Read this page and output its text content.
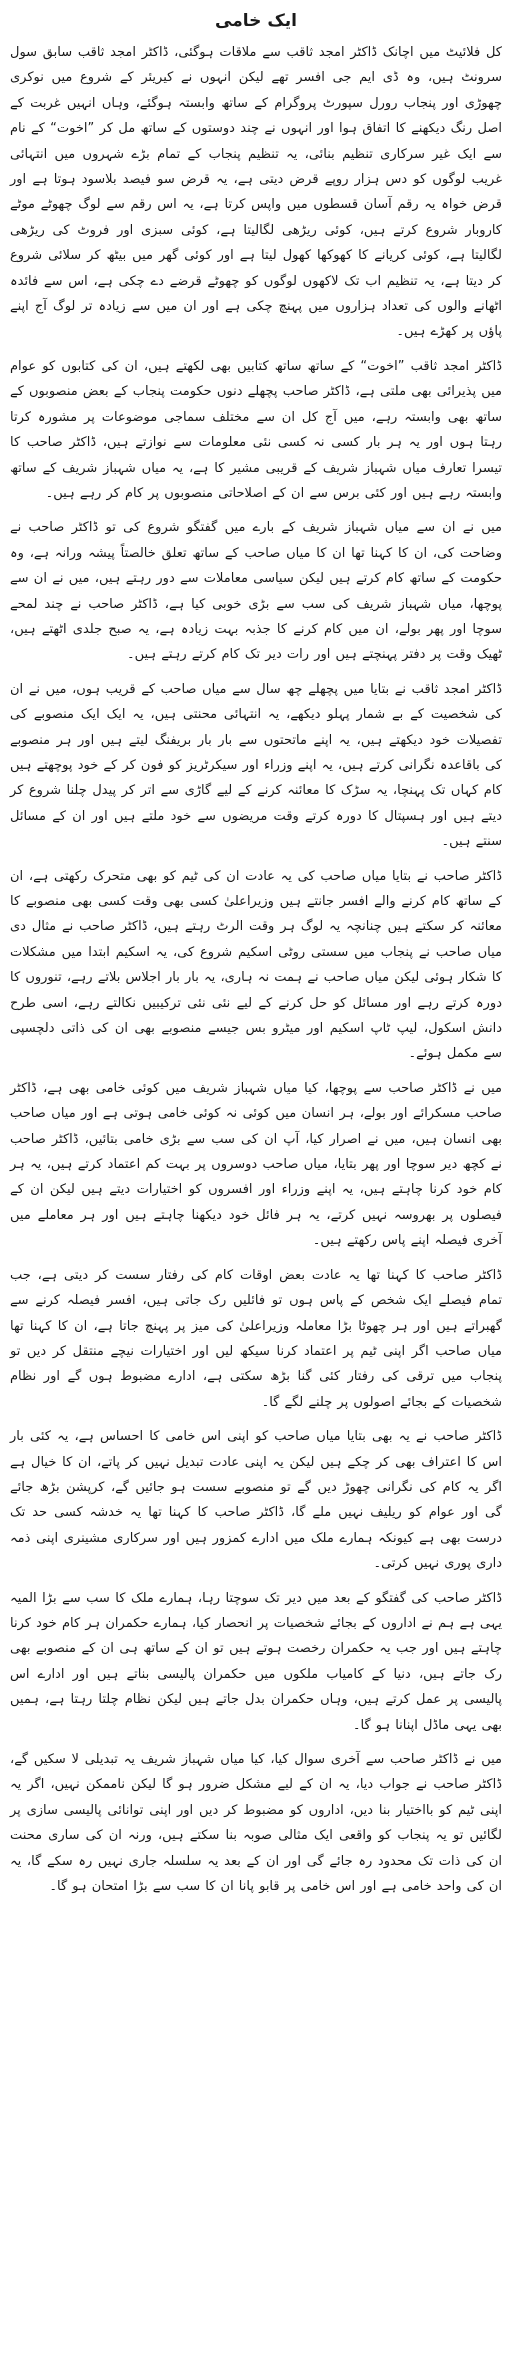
ایک خامی

کل فلائیٹ میں اچانک ڈاکٹر امجد ثاقب سے ملاقات ہوگئی، ڈاکٹر امجد ثاقب سابق سول سرونٹ ہیں، وہ ڈی ایم جی افسر تھے لیکن انہوں نے کیریئر کے شروع میں نوکری چھوڑی اور پنجاب رورل سپورٹ پروگرام کے ساتھ وابستہ ہوگئے، وہاں انہیں غربت کے اصل رنگ دیکھنے کا اتفاق ہوا اور انہوں نے چند دوستوں کے ساتھ مل کر ”اخوت“ کے نام سے ایک غیر سرکاری تنظیم بنائی، یہ تنظیم پنجاب کے تمام بڑے شہروں میں انتہائی غریب لوگوں کو دس ہزار روپے قرض دیتی ہے، یہ قرض سو فیصد بلاسود ہوتا ہے اور قرض خواہ یہ رقم آسان قسطوں میں واپس کرتا ہے، یہ اس رقم سے لوگ چھوٹے موٹے کاروبار شروع کرتے ہیں، کوئی ریڑھی لگالیتا ہے، کوئی سبزی اور فروٹ کی ریڑھی لگالیتا ہے، کوئی کریانے کا کھوکھا کھول لیتا ہے اور کوئی گھر میں بیٹھ کر سلائی شروع کر دیتا ہے، یہ تنظیم اب تک لاکھوں لوگوں کو چھوٹے قرضے دے چکی ہے، اس سے فائدہ اٹھانے والوں کی تعداد ہزاروں میں پہنچ چکی ہے اور ان میں سے زیادہ تر لوگ آج اپنے پاؤں پر کھڑے ہیں۔

ڈاکٹر امجد ثاقب ”اخوت“ کے ساتھ ساتھ کتابیں بھی لکھتے ہیں، ان کی کتابوں کو عوام میں پذیرائی بھی ملتی ہے، ڈاکٹر صاحب پچھلے دنوں حکومت پنجاب کے بعض منصوبوں کے ساتھ بھی وابستہ رہے، میں آج کل ان سے مختلف سماجی موضوعات پر مشورہ کرتا رہتا ہوں اور یہ ہر بار کسی نہ کسی نئی معلومات سے نوازتے ہیں، ڈاکٹر صاحب کا تیسرا تعارف میاں شہباز شریف کے قریبی مشیر کا ہے، یہ میاں شہباز شریف کے ساتھ وابستہ رہے ہیں اور کئی برس سے ان کے اصلاحاتی منصوبوں پر کام کر رہے ہیں۔

میں نے ان سے میاں شہباز شریف کے بارے میں گفتگو شروع کی تو ڈاکٹر صاحب نے وضاحت کی، ان کا کہنا تھا ان کا میاں صاحب کے ساتھ تعلق خالصتاً پیشہ ورانہ ہے، وہ حکومت کے ساتھ کام کرتے ہیں لیکن سیاسی معاملات سے دور رہتے ہیں، میں نے ان سے پوچھا، میاں شہباز شریف کی سب سے بڑی خوبی کیا ہے، ڈاکٹر صاحب نے چند لمحے سوچا اور پھر بولے، ان میں کام کرنے کا جذبہ بہت زیادہ ہے، یہ صبح جلدی اٹھتے ہیں، ٹھیک وقت پر دفتر پہنچتے ہیں اور رات دیر تک کام کرتے رہتے ہیں۔

ڈاکٹر امجد ثاقب نے بتایا میں پچھلے چھ سال سے میاں صاحب کے قریب ہوں، میں نے ان کی شخصیت کے بے شمار پہلو دیکھے، یہ انتہائی محنتی ہیں، یہ ایک ایک منصوبے کی تفصیلات خود دیکھتے ہیں، یہ اپنے ماتحتوں سے بار بار بریفنگ لیتے ہیں اور ہر منصوبے کی باقاعدہ نگرانی کرتے ہیں، یہ اپنے وزراء اور سیکرٹریز کو فون کر کے خود پوچھتے ہیں کام کہاں تک پہنچا، یہ سڑک کا معائنہ کرنے کے لیے گاڑی سے اتر کر پیدل چلنا شروع کر دیتے ہیں اور ہسپتال کا دورہ کرتے وقت مریضوں سے خود ملتے ہیں اور ان کے مسائل سنتے ہیں۔

ڈاکٹر صاحب نے بتایا میاں صاحب کی یہ عادت ان کی ٹیم کو بھی متحرک رکھتی ہے، ان کے ساتھ کام کرنے والے افسر جانتے ہیں وزیراعلیٰ کسی بھی وقت کسی بھی منصوبے کا معائنہ کر سکتے ہیں چنانچہ یہ لوگ ہر وقت الرٹ رہتے ہیں، ڈاکٹر صاحب نے مثال دی میاں صاحب نے پنجاب میں سستی روٹی اسکیم شروع کی، یہ اسکیم ابتدا میں مشکلات کا شکار ہوئی لیکن میاں صاحب نے ہمت نہ ہاری، یہ بار بار اجلاس بلاتے رہے، تنوروں کا دورہ کرتے رہے اور مسائل کو حل کرنے کے لیے نئی نئی ترکیبیں نکالتے رہے، اسی طرح دانش اسکول، لیپ ٹاپ اسکیم اور میٹرو بس جیسے منصوبے بھی ان کی ذاتی دلچسپی سے مکمل ہوئے۔

میں نے ڈاکٹر صاحب سے پوچھا، کیا میاں شہباز شریف میں کوئی خامی بھی ہے، ڈاکٹر صاحب مسکرائے اور بولے، ہر انسان میں کوئی نہ کوئی خامی ہوتی ہے اور میاں صاحب بھی انسان ہیں، میں نے اصرار کیا، آپ ان کی سب سے بڑی خامی بتائیں، ڈاکٹر صاحب نے کچھ دیر سوچا اور پھر بتایا، میاں صاحب دوسروں پر بہت کم اعتماد کرتے ہیں، یہ ہر کام خود کرنا چاہتے ہیں، یہ اپنے وزراء اور افسروں کو اختیارات دیتے ہیں لیکن ان کے فیصلوں پر بھروسہ نہیں کرتے، یہ ہر فائل خود دیکھنا چاہتے ہیں اور ہر معاملے میں آخری فیصلہ اپنے پاس رکھتے ہیں۔

ڈاکٹر صاحب کا کہنا تھا یہ عادت بعض اوقات کام کی رفتار سست کر دیتی ہے، جب تمام فیصلے ایک شخص کے پاس ہوں تو فائلیں رک جاتی ہیں، افسر فیصلہ کرنے سے گھبراتے ہیں اور ہر چھوٹا بڑا معاملہ وزیراعلیٰ کی میز پر پہنچ جاتا ہے، ان کا کہنا تھا میاں صاحب اگر اپنی ٹیم پر اعتماد کرنا سیکھ لیں اور اختیارات نیچے منتقل کر دیں تو پنجاب میں ترقی کی رفتار کئی گنا بڑھ سکتی ہے، ادارے مضبوط ہوں گے اور نظام شخصیات کے بجائے اصولوں پر چلنے لگے گا۔

ڈاکٹر صاحب نے یہ بھی بتایا میاں صاحب کو اپنی اس خامی کا احساس ہے، یہ کئی بار اس کا اعتراف بھی کر چکے ہیں لیکن یہ اپنی عادت تبدیل نہیں کر پاتے، ان کا خیال ہے اگر یہ کام کی نگرانی چھوڑ دیں گے تو منصوبے سست ہو جائیں گے، کرپشن بڑھ جائے گی اور عوام کو ریلیف نہیں ملے گا، ڈاکٹر صاحب کا کہنا تھا یہ خدشہ کسی حد تک درست بھی ہے کیونکہ ہمارے ملک میں ادارے کمزور ہیں اور سرکاری مشینری اپنی ذمہ داری پوری نہیں کرتی۔

ڈاکٹر صاحب کی گفتگو کے بعد میں دیر تک سوچتا رہا، ہمارے ملک کا سب سے بڑا المیہ یہی ہے ہم نے اداروں کے بجائے شخصیات پر انحصار کیا، ہمارے حکمران ہر کام خود کرنا چاہتے ہیں اور جب یہ حکمران رخصت ہوتے ہیں تو ان کے ساتھ ہی ان کے منصوبے بھی رک جاتے ہیں، دنیا کے کامیاب ملکوں میں حکمران پالیسی بناتے ہیں اور ادارے اس پالیسی پر عمل کرتے ہیں، وہاں حکمران بدل جاتے ہیں لیکن نظام چلتا رہتا ہے، ہمیں بھی یہی ماڈل اپنانا ہو گا۔

میں نے ڈاکٹر صاحب سے آخری سوال کیا، کیا میاں شہباز شریف یہ تبدیلی لا سکیں گے، ڈاکٹر صاحب نے جواب دیا، یہ ان کے لیے مشکل ضرور ہو گا لیکن ناممکن نہیں، اگر یہ اپنی ٹیم کو بااختیار بنا دیں، اداروں کو مضبوط کر دیں اور اپنی توانائی پالیسی سازی پر لگائیں تو یہ پنجاب کو واقعی ایک مثالی صوبہ بنا سکتے ہیں، ورنہ ان کی ساری محنت ان کی ذات تک محدود رہ جائے گی اور ان کے بعد یہ سلسلہ جاری نہیں رہ سکے گا، یہ ان کی واحد خامی ہے اور اس خامی پر قابو پانا ان کا سب سے بڑا امتحان ہو گا۔
